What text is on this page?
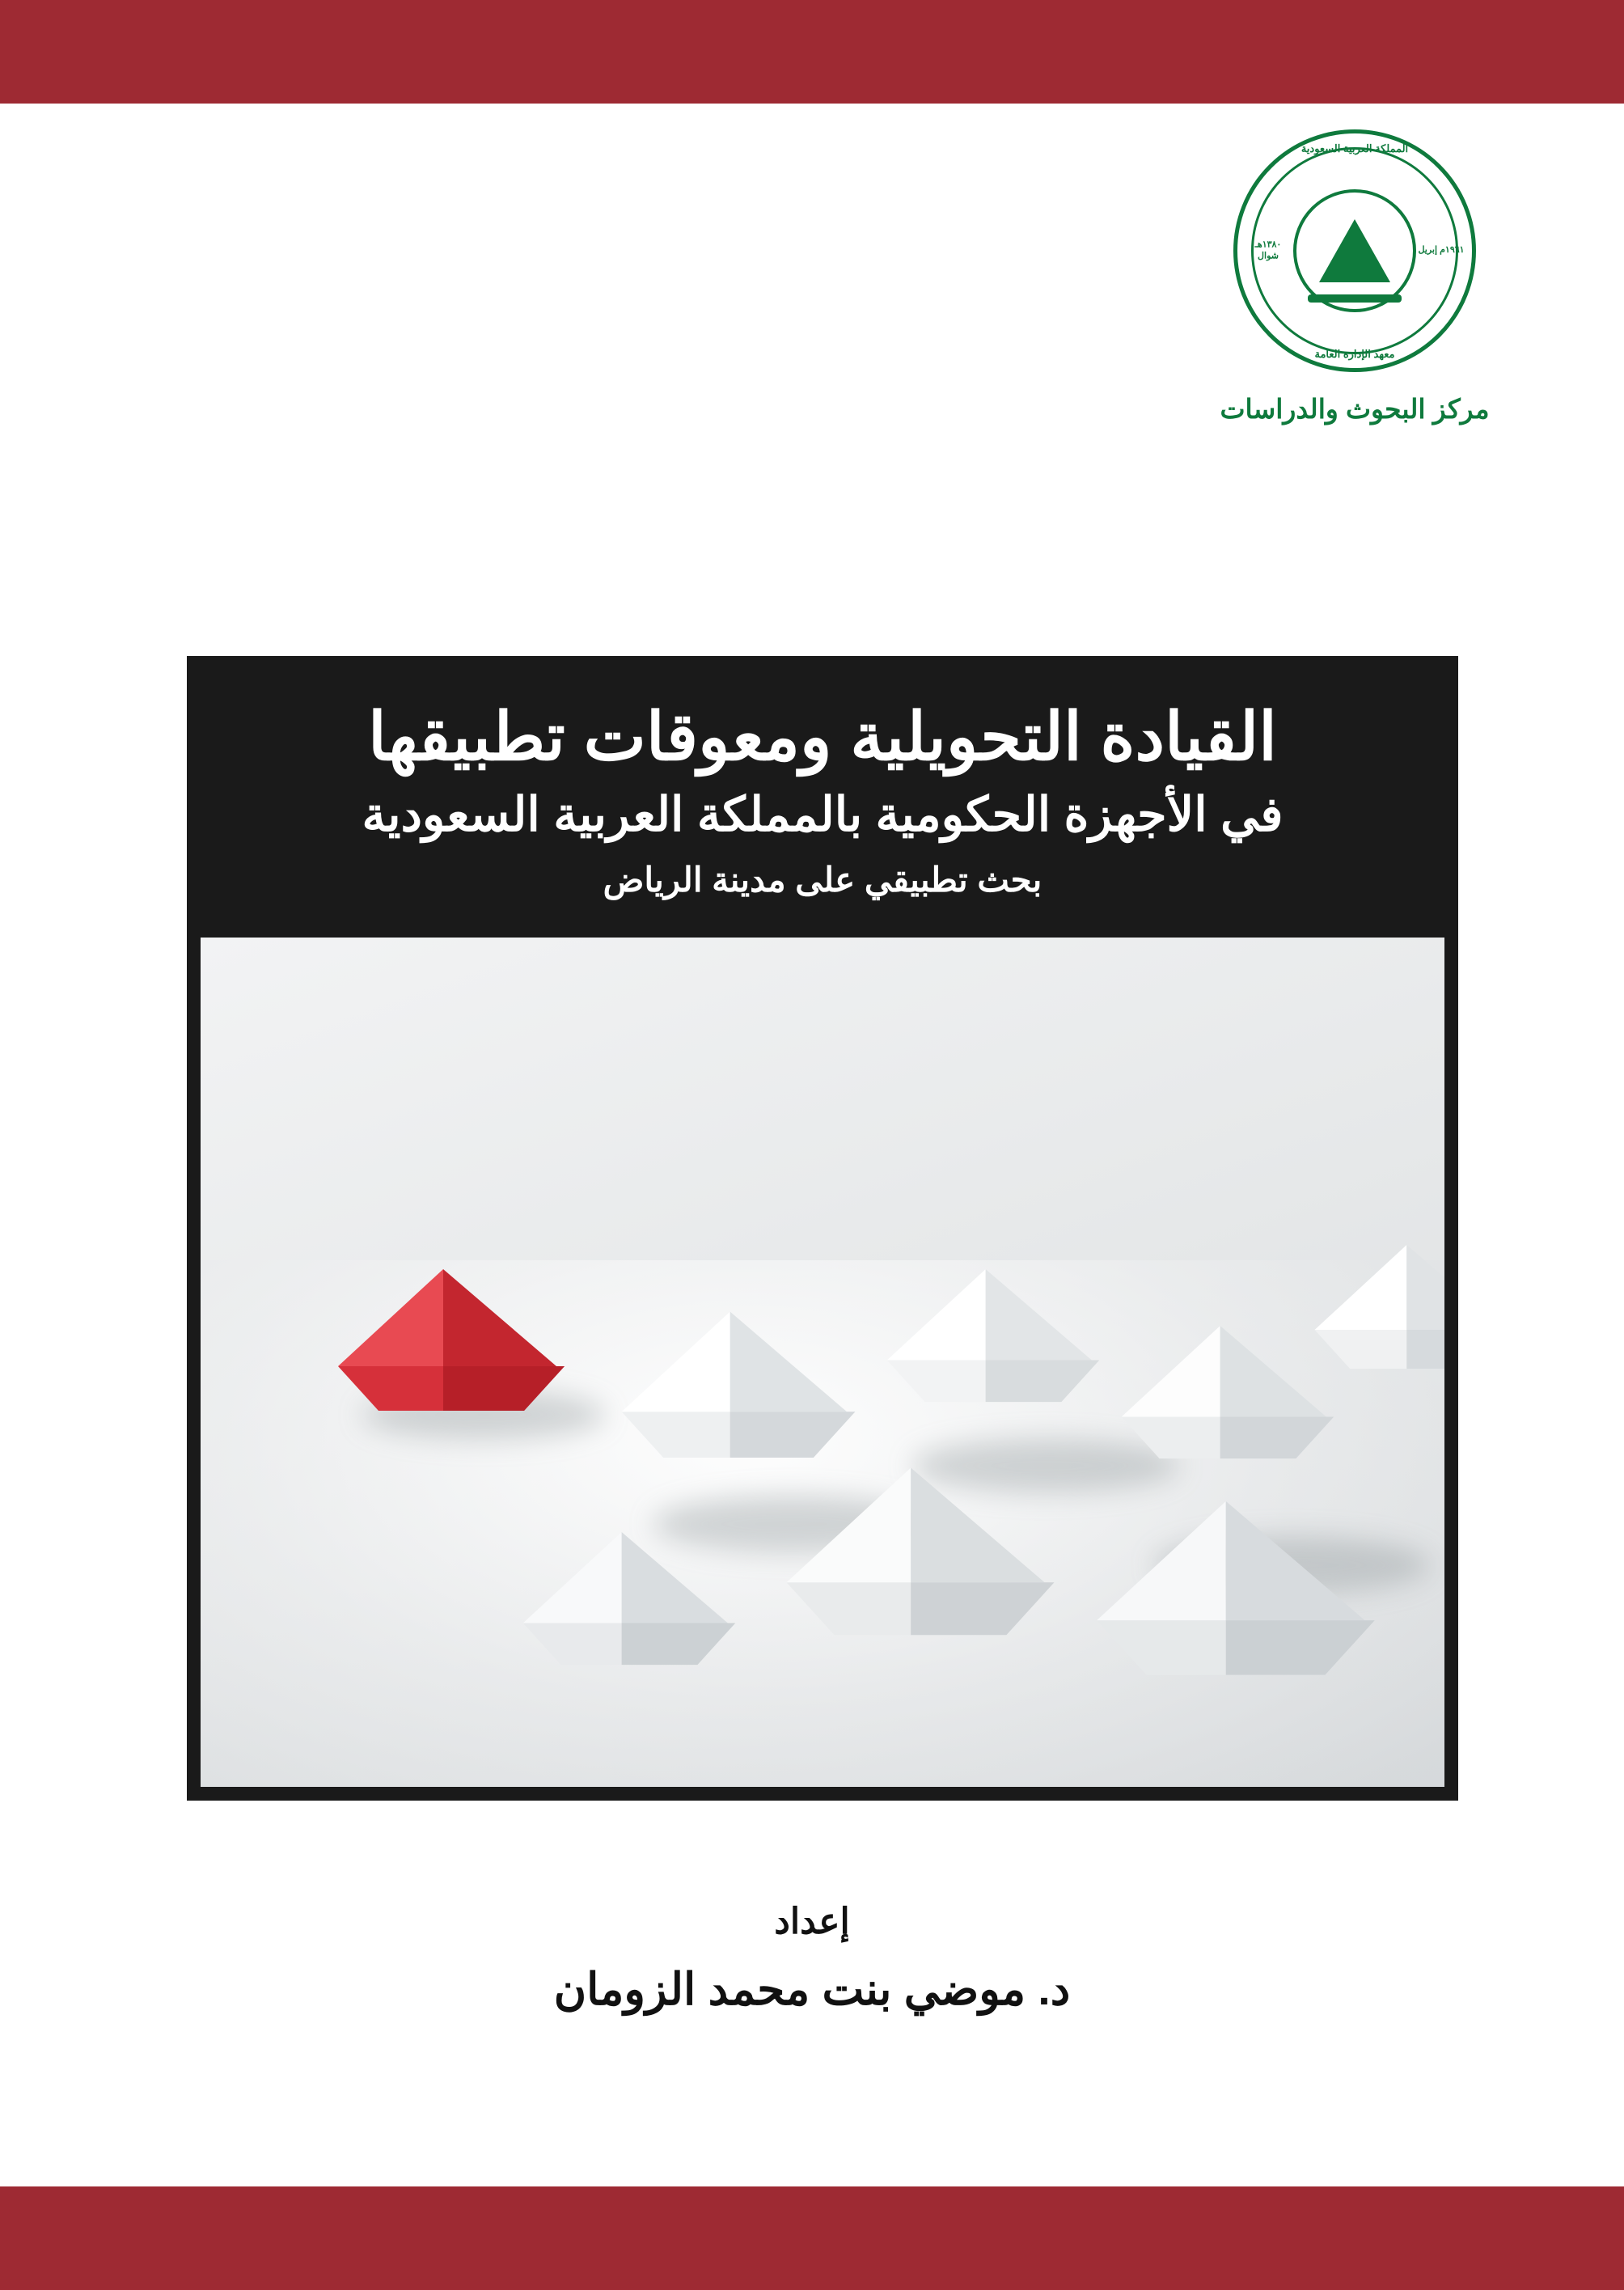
المملكة العربية السعودية
١٣٨٠هـ شوال
١٩٦١م إبريل
معهد الإدارة العامة
مركز البحوث والدراسات
القيادة التحويلية ومعوقات تطبيقها
في الأجهزة الحكومية بالمملكة العربية السعودية

بحث تطبيقي على مدينة الرياض

إعداد

د. موضي بنت محمد الزومان
